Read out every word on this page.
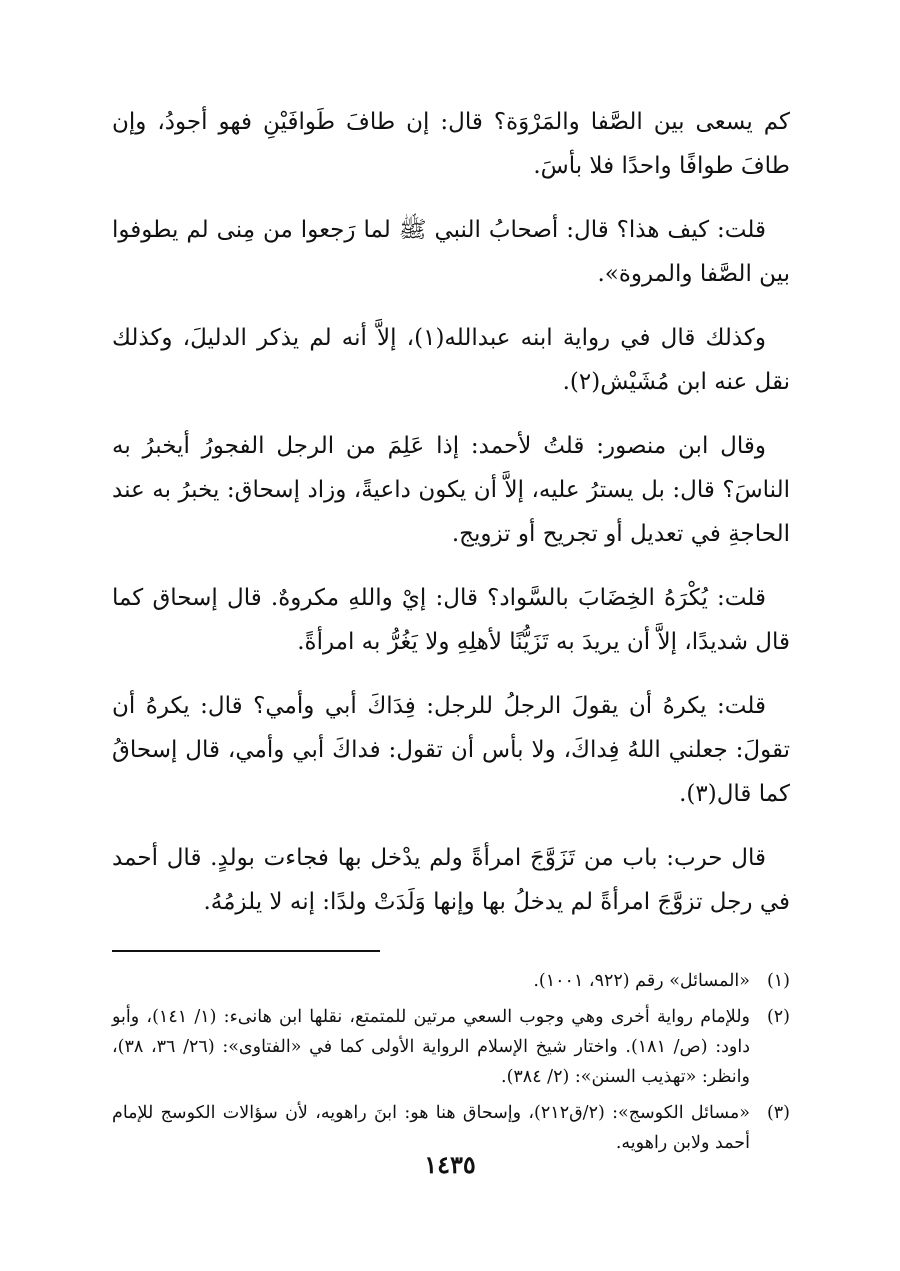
كم يسعى بين الصَّفا والمَرْوَة؟ قال: إن طافَ طَوافَيْنِ فهو أجودُ، وإن طافَ طوافًا واحدًا فلا بأسَ.

قلت: كيف هذا؟ قال: أصحابُ النبي ﷺ لما رَجعوا من مِنى لم يطوفوا بين الصَّفا والمروة».

وكذلك قال في رواية ابنه عبدالله(١)، إلاَّ أنه لم يذكر الدليلَ، وكذلك نقل عنه ابن مُشَيْش(٢).

وقال ابن منصور: قلتُ لأحمد: إذا عَلِمَ من الرجل الفجورُ أيخبرُ به الناسَ؟ قال: بل يسترُ عليه، إلاَّ أن يكون داعيةً، وزاد إسحاق: يخبرُ به عند الحاجةِ في تعديل أو تجريح أو تزويج.

قلت: يُكْرَهُ الخِضَابَ بالسَّواد؟ قال: إيْ واللهِ مكروهٌ. قال إسحاق كما قال شديدًا، إلاَّ أن يريدَ به تَزَيُّنًا لأهلِهِ ولا يَغُرُّ به امرأةً.

قلت: يكرهُ أن يقولَ الرجلُ للرجل: فِدَاكَ أبي وأمي؟ قال: يكرهُ أن تقولَ: جعلني اللهُ فِداكَ، ولا بأس أن تقول: فداكَ أبي وأمي، قال إسحاقُ كما قال(٣).

قال حرب: باب من تَزَوَّجَ امرأةً ولم يدْخل بها فجاءت بولدٍ. قال أحمد في رجل تزوَّجَ امرأةً لم يدخلُ بها وإنها وَلَدَتْ ولدًا: إنه لا يلزمُهُ.

(١)
«المسائل» رقم (٩٢٢، ١٠٠١).
(٢)
وللإمام رواية أخرى وهي وجوب السعي مرتين للمتمتع، نقلها ابن هانىء: (١/ ١٤١)، وأبو داود: (ص/ ١٨١). واختار شيخ الإسلام الرواية الأولى كما في «الفتاوى»: (٢٦/ ٣٦، ٣٨)، وانظر: «تهذيب السنن»: (٢/ ٣٨٤).
(٣)
«مسائل الكوسج»: (٢/ق٢١٢)، وإسحاق هنا هو: ابنَ راهويه، لأن سؤالات الكوسج للإمام أحمد ولابن راهويه.
١٤٣٥
